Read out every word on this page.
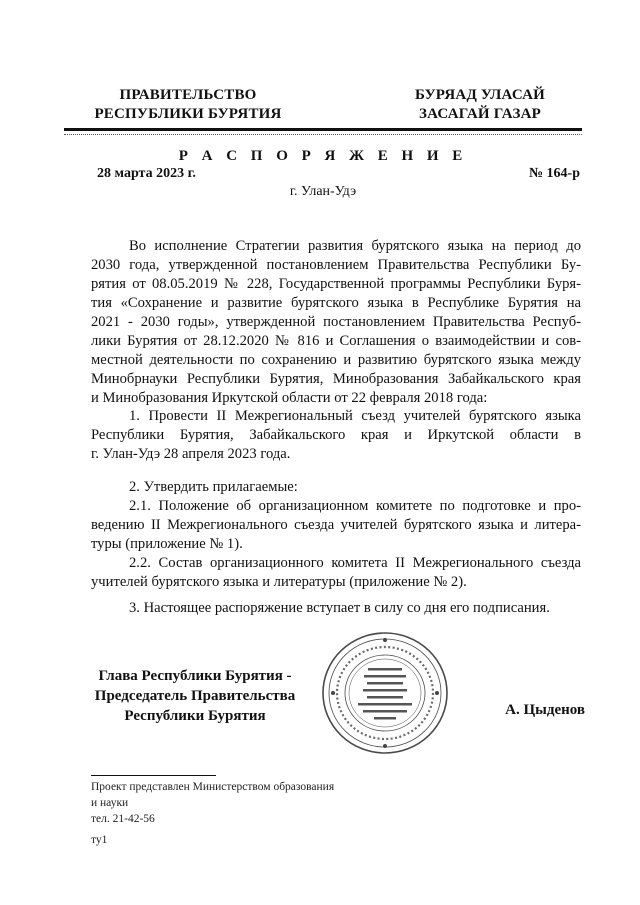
ПРАВИТЕЛЬСТВО
РЕСПУБЛИКИ БУРЯТИЯ
БУРЯАД УЛАСАЙ
ЗАСАГАЙ ГАЗАР
Р А С П О Р Я Ж Е Н И Е
28 марта 2023 г.	№ 164-р
г. Улан-Удэ
Во исполнение Стратегии развития бурятского языка на период до
2030 года, утвержденной постановлением Правительства Республики Бу-
рятия от 08.05.2019 № 228, Государственной программы Республики Буря-
тия «Сохранение и развитие бурятского языка в Республике Бурятия на
2021 - 2030 годы», утвержденной постановлением Правительства Респуб-
лики Бурятия от 28.12.2020 № 816 и Соглашения о взаимодействии и сов-
местной деятельности по сохранению и развитию бурятского языка между
Минобрнауки Республики Бурятия, Минобразования Забайкальского края
и Минобразования Иркутской области от 22 февраля 2018 года:
1. Провести II Межрегиональный съезд учителей бурятского языка
Республики Бурятия, Забайкальского края и Иркутской области в
г. Улан-Удэ 28 апреля 2023 года.
2. Утвердить прилагаемые:
2.1. Положение об организационном комитете по подготовке и про-
ведению II Межрегионального съезда учителей бурятского языка и литера-
туры (приложение № 1).
2.2. Состав организационного комитета II Межрегионального съезда
учителей бурятского языка и литературы (приложение № 2).
3. Настоящее распоряжение вступает в силу со дня его подписания.
Глава Республики Бурятия -
Председатель Правительства
Республики Бурятия	А. Цыденов
Проект представлен Министерством образования
и науки
тел. 21-42-56
ту1
